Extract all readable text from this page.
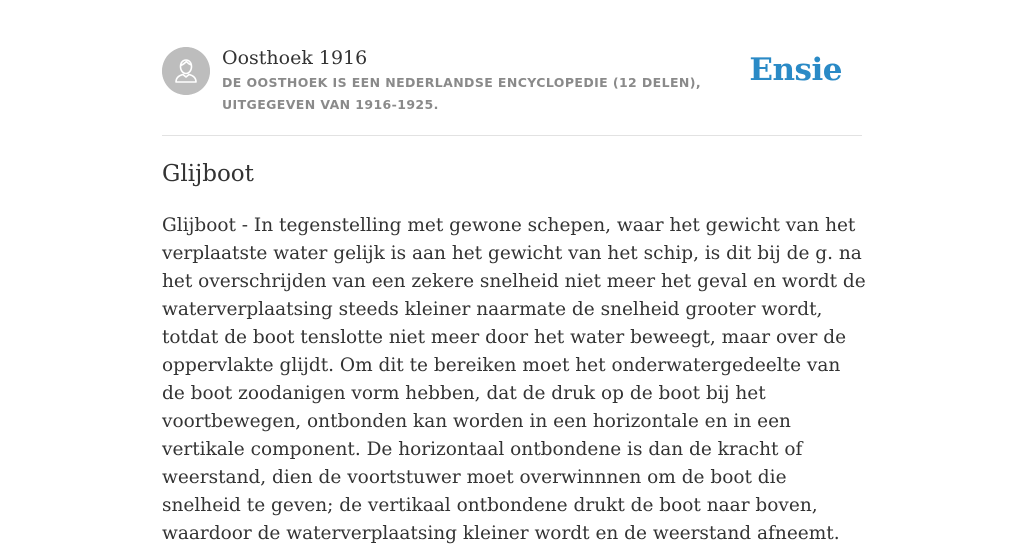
Oosthoek 1916
DE OOSTHOEK IS EEN NEDERLANDSE ENCYCLOPEDIE (12 DELEN), UITGEGEVEN VAN 1916-1925.
Ensie
Glijboot

Glijboot - In tegenstelling met gewone schepen, waar het gewicht van het verplaatste water gelijk is aan het gewicht van het schip, is dit bij de g. na het overschrijden van een zekere snelheid niet meer het geval en wordt de waterverplaatsing steeds kleiner naarmate de snelheid grooter wordt, totdat de boot tenslotte niet meer door het water beweegt, maar over de oppervlakte glijdt. Om dit te bereiken moet het onderwatergedeelte van de boot zoodanigen vorm hebben, dat de druk op de boot bij het voortbewegen, ontbonden kan worden in een horizontale en in een vertikale component. De horizontaal ontbondene is dan de kracht of weerstand, dien de voortstuwer moet overwinnnen om de boot die snelheid te geven; de vertikaal ontbondene drukt de boot naar boven, waardoor de waterverplaatsing kleiner wordt en de weerstand afneemt.
